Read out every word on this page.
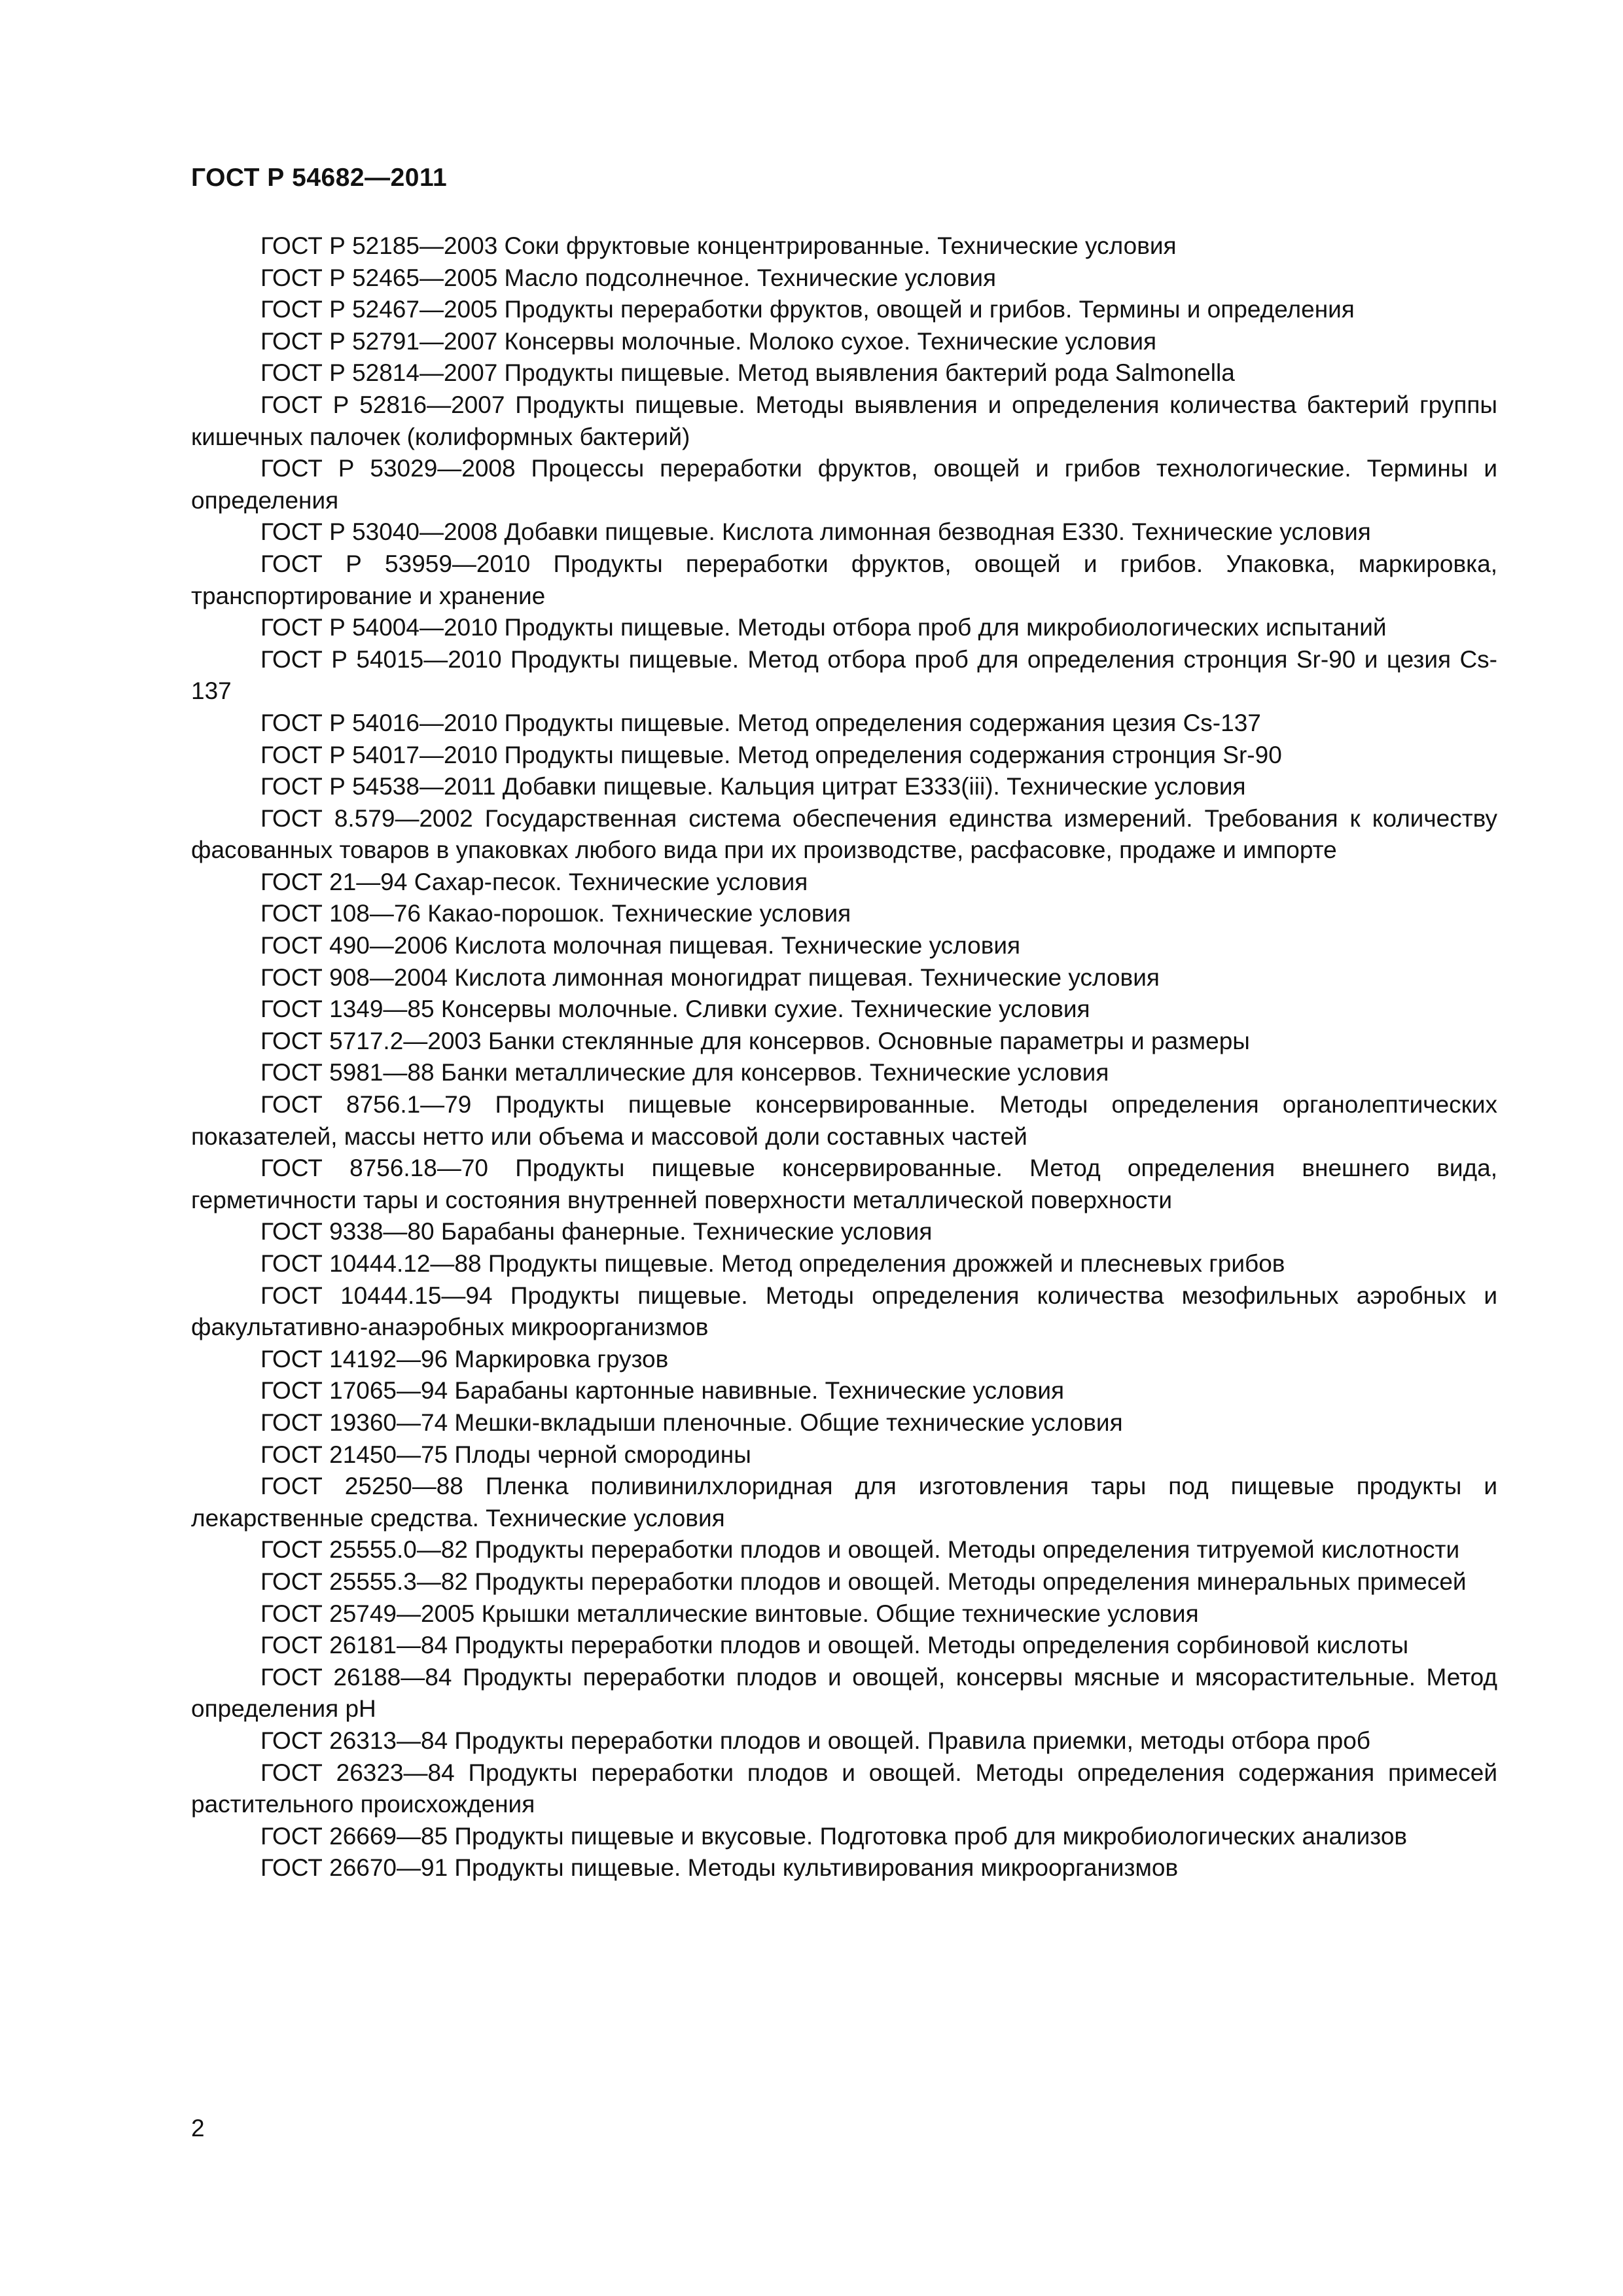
ГОСТ Р 54682—2011
ГОСТ Р 52185—2003 Соки фруктовые концентрированные. Технические условия
ГОСТ Р 52465—2005 Масло подсолнечное. Технические условия
ГОСТ Р 52467—2005 Продукты переработки фруктов, овощей и грибов. Термины и определения
ГОСТ Р 52791—2007 Консервы молочные. Молоко сухое. Технические условия
ГОСТ Р 52814—2007 Продукты пищевые. Метод выявления бактерий рода Salmonella
ГОСТ Р 52816—2007 Продукты пищевые. Методы выявления и определения количества бактерий группы кишечных палочек (колиформных бактерий)
ГОСТ Р 53029—2008 Процессы переработки фруктов, овощей и грибов технологические. Термины и определения
ГОСТ Р 53040—2008 Добавки пищевые. Кислота лимонная безводная Е330. Технические условия
ГОСТ Р 53959—2010 Продукты переработки фруктов, овощей и грибов. Упаковка, маркировка, транспортирование и хранение
ГОСТ Р 54004—2010 Продукты пищевые. Методы отбора проб для микробиологических испытаний
ГОСТ Р 54015—2010 Продукты пищевые. Метод отбора проб для определения стронция Sr-90 и цезия Cs-137
ГОСТ Р 54016—2010 Продукты пищевые. Метод определения содержания цезия Cs-137
ГОСТ Р 54017—2010 Продукты пищевые. Метод определения содержания стронция Sr-90
ГОСТ Р 54538—2011 Добавки пищевые. Кальция цитрат Е333(iii). Технические условия
ГОСТ 8.579—2002 Государственная система обеспечения единства измерений. Требования к количеству фасованных товаров в упаковках любого вида при их производстве, расфасовке, продаже и импорте
ГОСТ 21—94 Сахар-песок. Технические условия
ГОСТ 108—76 Какао-порошок. Технические условия
ГОСТ 490—2006 Кислота молочная пищевая. Технические условия
ГОСТ 908—2004 Кислота лимонная моногидрат пищевая. Технические условия
ГОСТ 1349—85 Консервы молочные. Сливки сухие. Технические условия
ГОСТ 5717.2—2003 Банки стеклянные для консервов. Основные параметры и размеры
ГОСТ 5981—88 Банки металлические для консервов. Технические условия
ГОСТ 8756.1—79 Продукты пищевые консервированные. Методы определения органолептических показателей, массы нетто или объема и массовой доли составных частей
ГОСТ 8756.18—70 Продукты пищевые консервированные. Метод определения внешнего вида, герметичности тары и состояния внутренней поверхности металлической поверхности
ГОСТ 9338—80 Барабаны фанерные. Технические условия
ГОСТ 10444.12—88 Продукты пищевые. Метод определения дрожжей и плесневых грибов
ГОСТ 10444.15—94 Продукты пищевые. Методы определения количества мезофильных аэробных и факультативно-анаэробных микроорганизмов
ГОСТ 14192—96 Маркировка грузов
ГОСТ 17065—94 Барабаны картонные навивные. Технические условия
ГОСТ 19360—74 Мешки-вкладыши пленочные. Общие технические условия
ГОСТ 21450—75 Плоды черной смородины
ГОСТ 25250—88 Пленка поливинилхлоридная для изготовления тары под пищевые продукты и лекарственные средства. Технические условия
ГОСТ 25555.0—82 Продукты переработки плодов и овощей. Методы определения титруемой кислотности
ГОСТ 25555.3—82 Продукты переработки плодов и овощей. Методы определения минеральных примесей
ГОСТ 25749—2005 Крышки металлические винтовые. Общие технические условия
ГОСТ 26181—84 Продукты переработки плодов и овощей. Методы определения сорбиновой кислоты
ГОСТ 26188—84 Продукты переработки плодов и овощей, консервы мясные и мясорастительные. Метод определения pH
ГОСТ 26313—84 Продукты переработки плодов и овощей. Правила приемки, методы отбора проб
ГОСТ 26323—84 Продукты переработки плодов и овощей. Методы определения содержания примесей растительного происхождения
ГОСТ 26669—85 Продукты пищевые и вкусовые. Подготовка проб для микробиологических анализов
ГОСТ 26670—91 Продукты пищевые. Методы культивирования микроорганизмов
2
